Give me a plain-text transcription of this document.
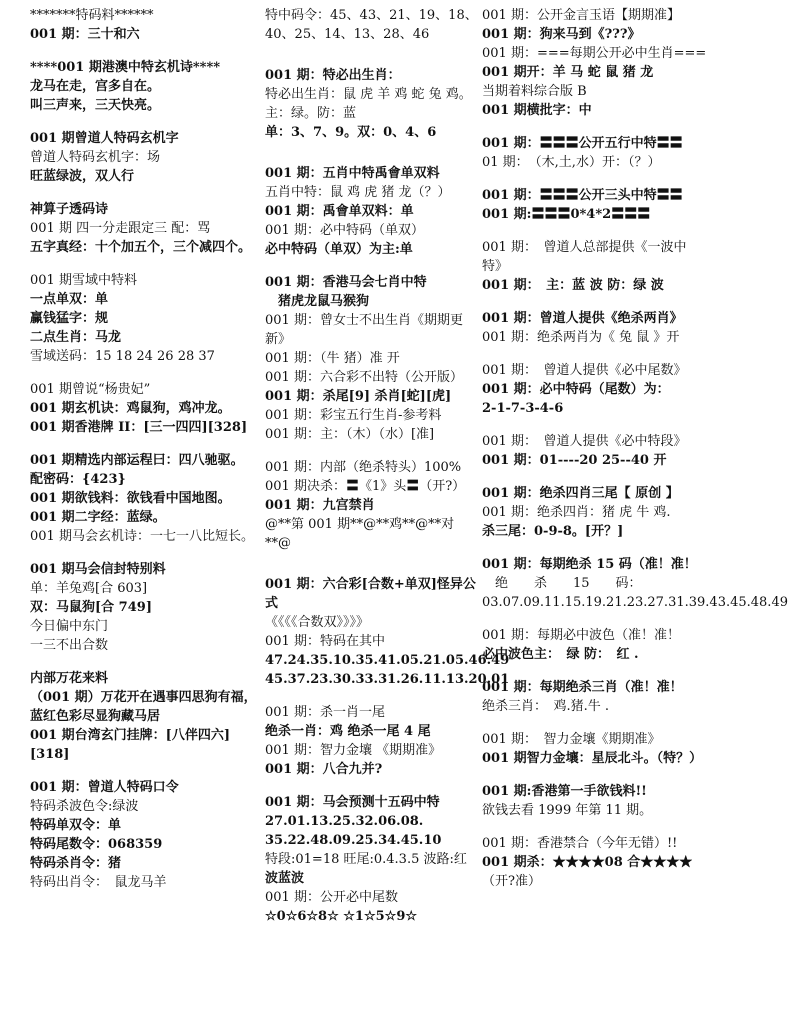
*******特码料******
001 期：三十和六
****001 期港澳中特玄机诗****
龙马在走，宫多自在。
叫三声来，三天快亮。
001 期曾道人特码玄机字
曾道人特码玄机字：场
旺蓝绿波，双人行
神算子透码诗
001 期 四一分走跟定三 配：骂
五字真经：十个加五个，三个减四个。
001 期雪域中特料
一点单双：单
赢钱猛字：规
二点生肖：马龙
雪域送码：15 18 24 26 28 37
001 期曾说“杨贵妃”
001 期玄机诀：鸡鼠狗，鸡冲龙。
001 期香港牌 II：[三一四四][328]
001 期精选内部运程曰：四八驰驱。
配密码：{423}
001 期欲钱料：欲钱看中国地图。
001 期二字经：蓝绿。
001 期马会玄机诗：一七一八比短长。
001 期马会信封特别料
单：羊兔鸡[合 603]
双：马鼠狗[合 749]
今日偏中东门
一三不出合数
内部万花来料
（001 期）万花开在遇事四思狗有福，蓝红色彩尽显狗藏马居
001 期台湾玄门挂牌：[八伴四六][318]
001 期：曾道人特码口令
特码杀波色令:绿波
特码单双令：单
特码尾数令：068359
特码杀肖令：猪
特码出肖令：　鼠龙马羊
特中码令：45、43、21、19、18、40、25、14、13、28、46
001 期：特必出生肖：
特必出生肖：鼠 虎 羊 鸡 蛇 兔 鸡。
主：绿。防：蓝
单：3、7、9。双：0、4、6
001 期：五肖中特禹會单双料
五肖中特：鼠 鸡 虎 猪 龙（？）
001 期：禹會单双料：单
001 期：必中特码（单双）
必中特码（单双）为主:单
001 期：香港马会七肖中特
　猪虎龙鼠马猴狗
001 期：曾女士不出生肖《期期更新》
001 期：（牛 猪）准 开
001 期：六合彩不出特（公开版）
001 期：杀尾[9] 杀肖[蛇][虎]
001 期：彩宝五行生肖-参考料
001 期：主：（木）（水）[准]
001 期：内部（绝杀特头）100%
001 期决杀：〓《1》头〓（开?）
001 期：九宫禁肖
@**第 001 期**@**鸡**@**对**@
001 期：六合彩[合数+单双]怪异公式
《《《《合数双》》》》
001 期：特码在其中
47.24.35.10.35.41.05.21.05.46.49
45.37.23.30.33.31.26.11.13.20.01
001 期：杀一肖一尾
绝杀一肖：鸡 绝杀一尾 4 尾
001 期：智力金壤 《期期准》
001 期：八合九并?
001 期：马会预测十五码中特
27.01.13.25.32.06.08.
35.22.48.09.25.34.45.10
特段:01=18 旺尾:0.4.3.5 波路:红
波蓝波
001 期：公开必中尾数
☆0☆6☆8☆ ☆1☆5☆9☆
001 期：公开金言玉语【期期准】
001 期：狗来马到《???》
001 期：===每期公开必中生肖===
001 期开：羊 马 蛇 鼠 猪 龙
当期着料综合版 B
001 期横批字：中
001 期：〓〓〓公开五行中特〓〓
01 期：　（木,土,水）开：（？）
001 期：〓〓〓公开三头中特〓〓
001 期:〓〓〓0*4*2〓〓〓
001 期：　曾道人总部提供《一波中特》
001 期：　主：蓝 波 防：绿 波
001 期：曾道人提供《绝杀两肖》
001 期：绝杀两肖为《 兔 鼠 》开
001 期：　曾道人提供《必中尾数》
001 期：必中特码（尾数）为：
2-1-7-3-4-6
001 期：　曾道人提供《必中特段》
001 期：01----20 25--40 开
001 期：绝杀四肖三尾【 原创 】
001 期：绝杀四肖：猪 虎 牛 鸡.
杀三尾：0-9-8。[开？]
001 期：每期绝杀 15 码（准！准！
　绝　　杀　　15　　码：
03.07.09.11.15.19.21.23.27.31.39.43.45.48.49
001 期：每期必中波色（准！准！
必中波色主：　绿 防：　红 .
001 期：每期绝杀三肖（准！准！
绝杀三肖：　鸡.猪.牛 .
001 期：　智力金壤《期期准》
001 期智力金壤：星辰北斗。（特？）
001 期:香港第一手欲钱料!!
欲钱去看 1999 年第 11 期。
001 期：香港禁合（今年无错）!!
001 期杀：★★★★08 合★★★★
（开?准）
